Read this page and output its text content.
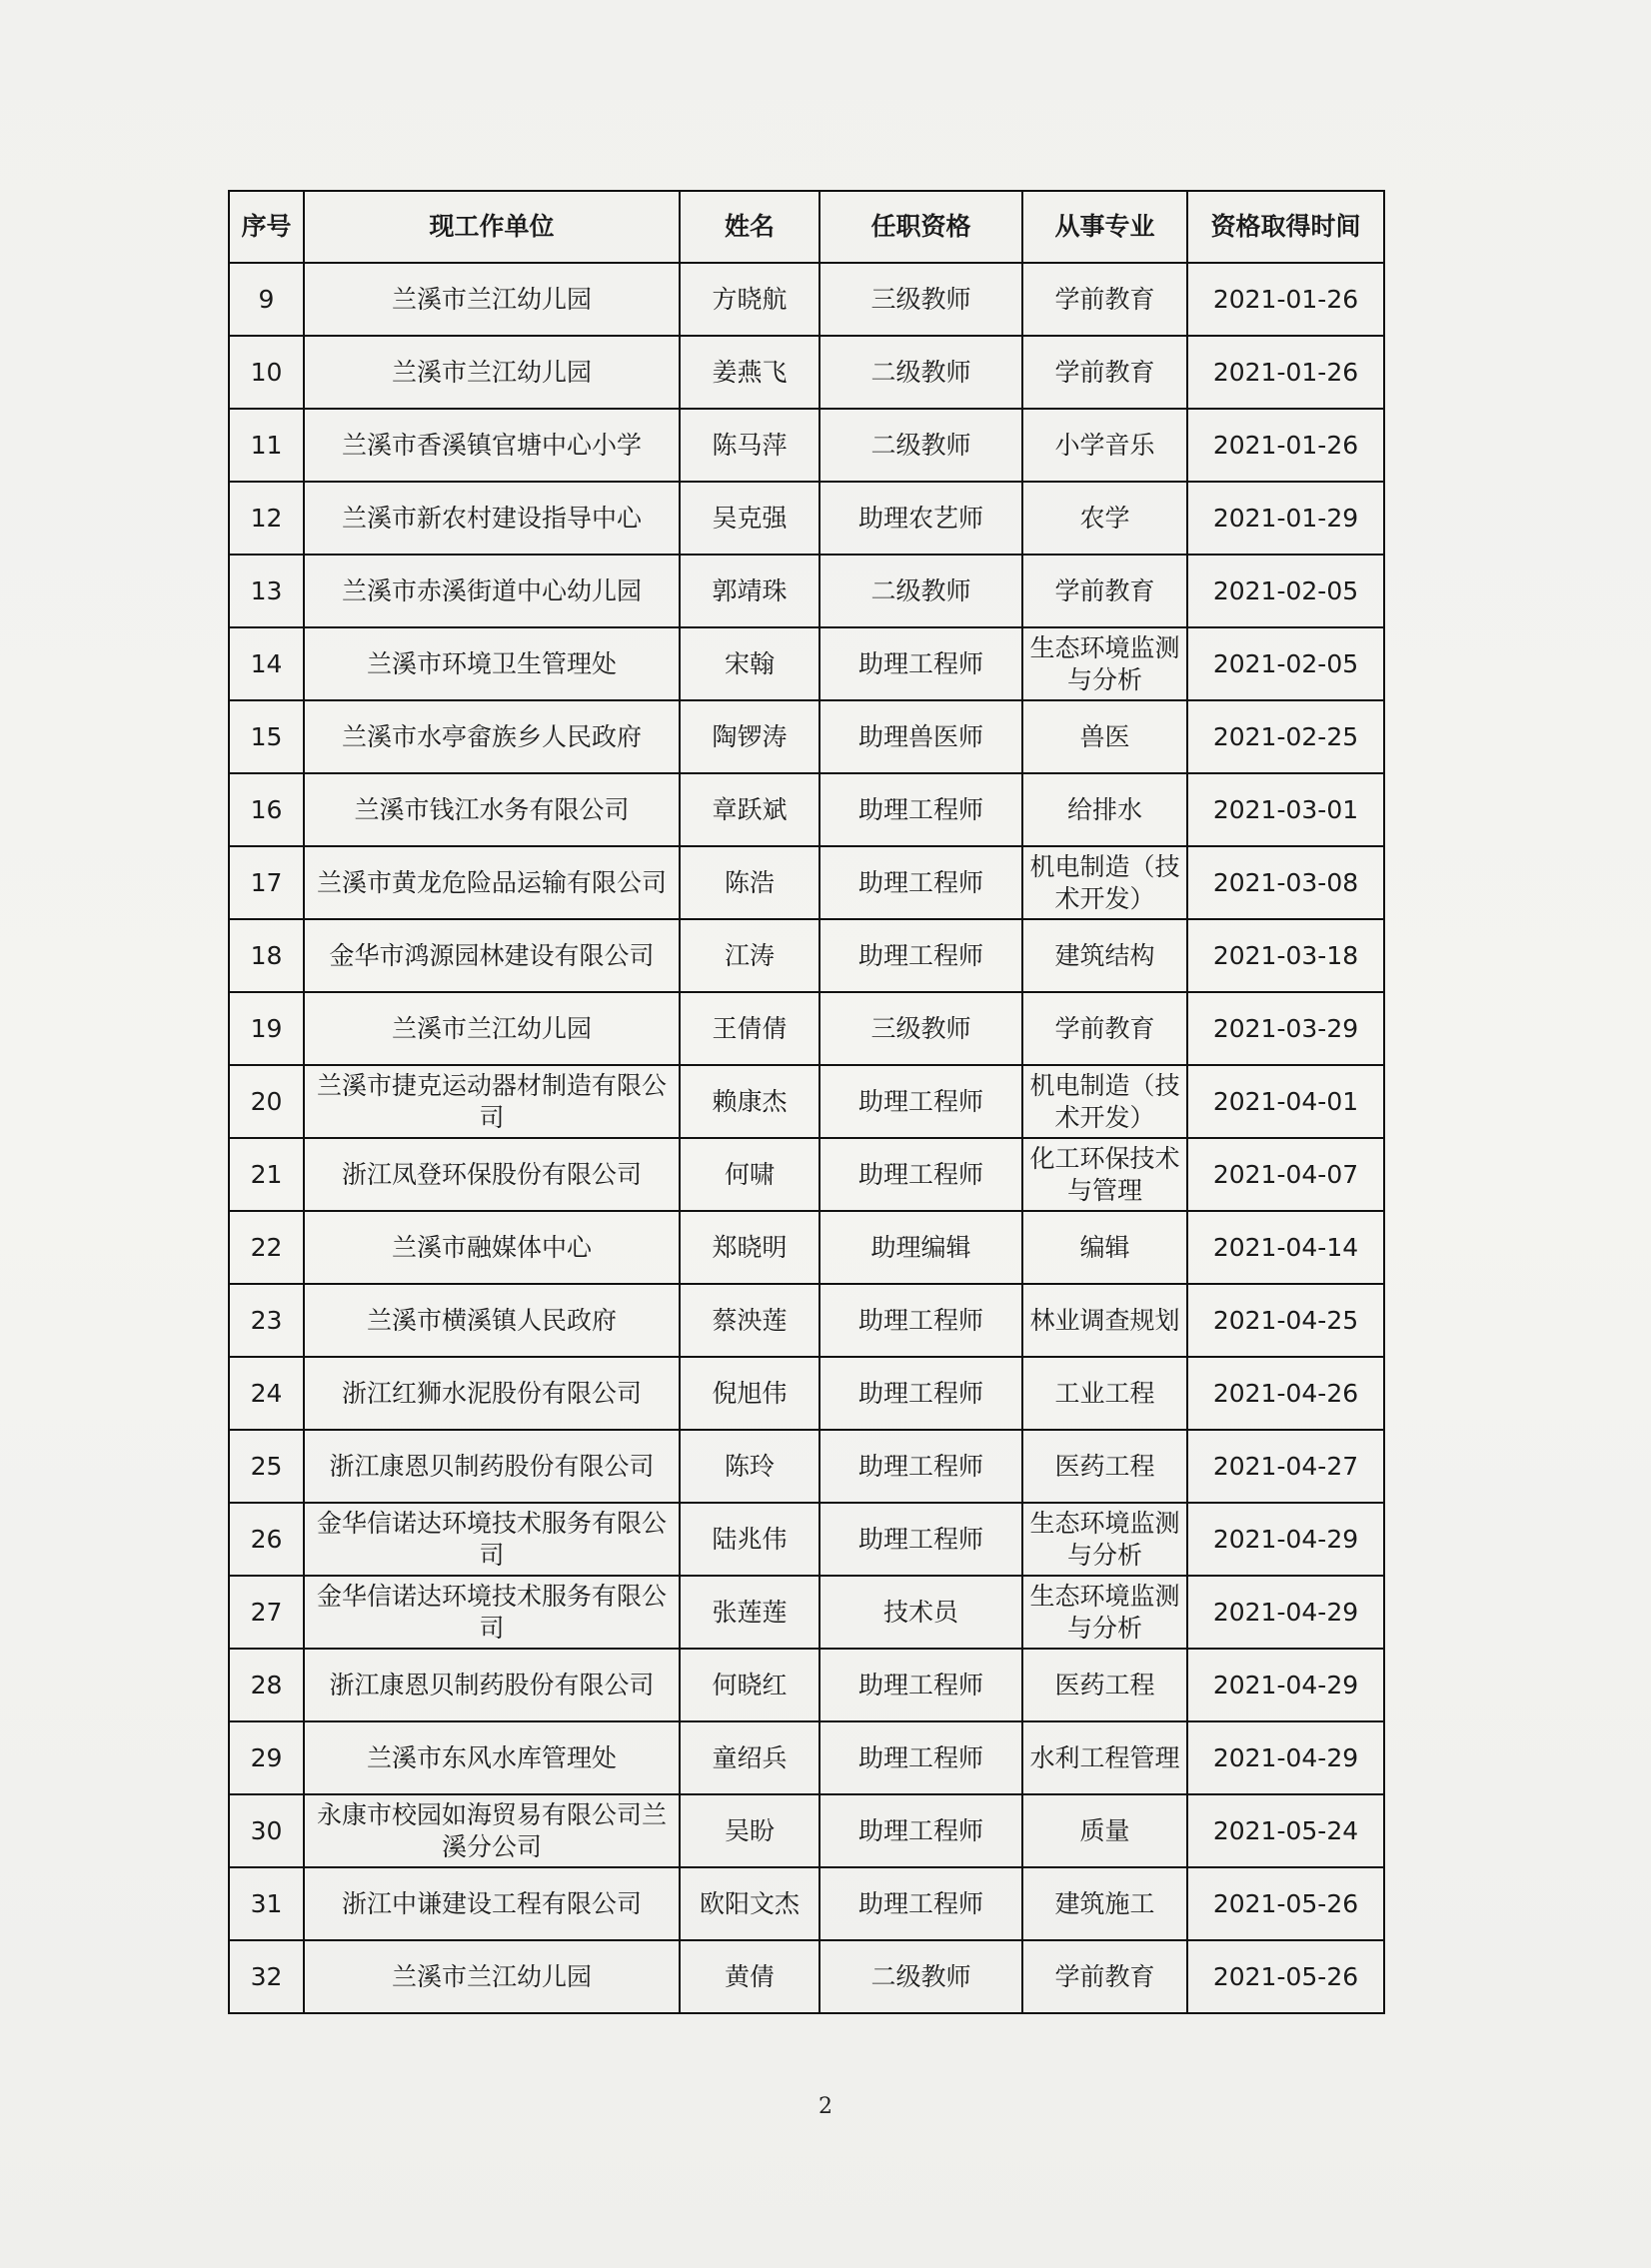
序号	现工作单位	姓名	任职资格	从事专业	资格取得时间
9	兰溪市兰江幼儿园	方晓航	三级教师	学前教育	2021-01-26
10	兰溪市兰江幼儿园	姜燕飞	二级教师	学前教育	2021-01-26
11	兰溪市香溪镇官塘中心小学	陈马萍	二级教师	小学音乐	2021-01-26
12	兰溪市新农村建设指导中心	吴克强	助理农艺师	农学	2021-01-29
13	兰溪市赤溪街道中心幼儿园	郭靖珠	二级教师	学前教育	2021-02-05
14	兰溪市环境卫生管理处	宋翰	助理工程师	生态环境监测与分析	2021-02-05
15	兰溪市水亭畲族乡人民政府	陶锣涛	助理兽医师	兽医	2021-02-25
16	兰溪市钱江水务有限公司	章跃斌	助理工程师	给排水	2021-03-01
17	兰溪市黄龙危险品运输有限公司	陈浩	助理工程师	机电制造（技术开发）	2021-03-08
18	金华市鸿源园林建设有限公司	江涛	助理工程师	建筑结构	2021-03-18
19	兰溪市兰江幼儿园	王倩倩	三级教师	学前教育	2021-03-29
20	兰溪市捷克运动器材制造有限公司	赖康杰	助理工程师	机电制造（技术开发）	2021-04-01
21	浙江凤登环保股份有限公司	何啸	助理工程师	化工环保技术与管理	2021-04-07
22	兰溪市融媒体中心	郑晓明	助理编辑	编辑	2021-04-14
23	兰溪市横溪镇人民政府	蔡泱莲	助理工程师	林业调查规划	2021-04-25
24	浙江红狮水泥股份有限公司	倪旭伟	助理工程师	工业工程	2021-04-26
25	浙江康恩贝制药股份有限公司	陈玲	助理工程师	医药工程	2021-04-27
26	金华信诺达环境技术服务有限公司	陆兆伟	助理工程师	生态环境监测与分析	2021-04-29
27	金华信诺达环境技术服务有限公司	张莲莲	技术员	生态环境监测与分析	2021-04-29
28	浙江康恩贝制药股份有限公司	何晓红	助理工程师	医药工程	2021-04-29
29	兰溪市东风水库管理处	童绍兵	助理工程师	水利工程管理	2021-04-29
30	永康市校园如海贸易有限公司兰溪分公司	吴盼	助理工程师	质量	2021-05-24
31	浙江中谦建设工程有限公司	欧阳文杰	助理工程师	建筑施工	2021-05-26
32	兰溪市兰江幼儿园	黄倩	二级教师	学前教育	2021-05-26
2
